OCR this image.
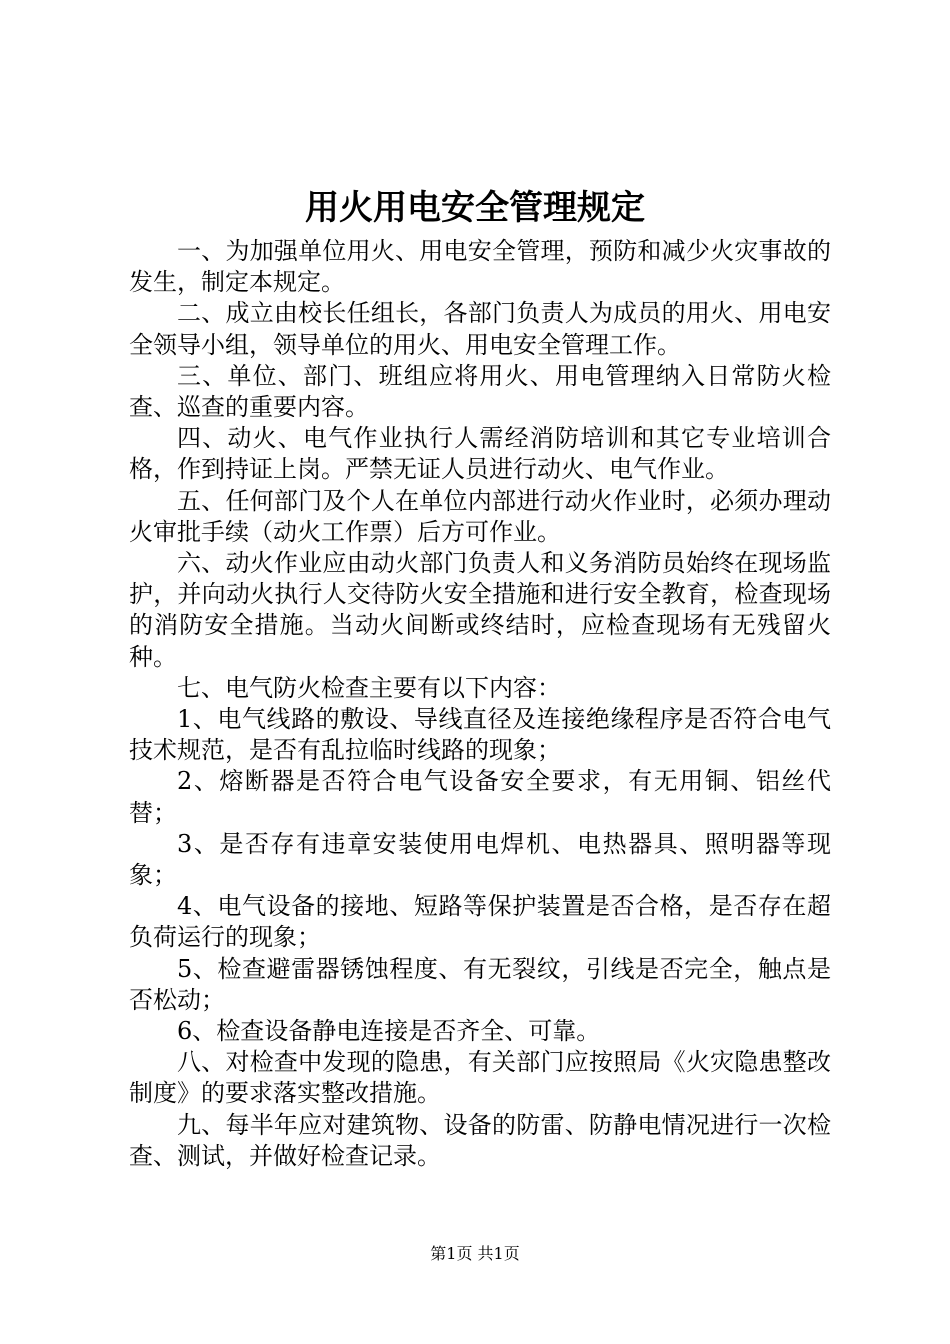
用火用电安全管理规定

一、为加强单位用火、用电安全管理，预防和减少火灾事故的发生，制定本规定。

二、成立由校长任组长，各部门负责人为成员的用火、用电安全领导小组，领导单位的用火、用电安全管理工作。

三、单位、部门、班组应将用火、用电管理纳入日常防火检查、巡查的重要内容。

四、动火、电气作业执行人需经消防培训和其它专业培训合格，作到持证上岗。严禁无证人员进行动火、电气作业。

五、任何部门及个人在单位内部进行动火作业时，必须办理动火审批手续（动火工作票）后方可作业。

六、动火作业应由动火部门负责人和义务消防员始终在现场监护，并向动火执行人交待防火安全措施和进行安全教育，检查现场的消防安全措施。当动火间断或终结时，应检查现场有无残留火种。

七、电气防火检查主要有以下内容：

1、电气线路的敷设、导线直径及连接绝缘程序是否符合电气技术规范，是否有乱拉临时线路的现象；

2、熔断器是否符合电气设备安全要求，有无用铜、铝丝代替；

3、是否存有违章安装使用电焊机、电热器具、照明器等现象；

4、电气设备的接地、短路等保护装置是否合格，是否存在超负荷运行的现象；

5、检查避雷器锈蚀程度、有无裂纹，引线是否完全，触点是否松动；

6、检查设备静电连接是否齐全、可靠。

八、对检查中发现的隐患，有关部门应按照局《火灾隐患整改制度》的要求落实整改措施。

九、每半年应对建筑物、设备的防雷、防静电情况进行一次检查、测试，并做好检查记录。

第1页 共1页
